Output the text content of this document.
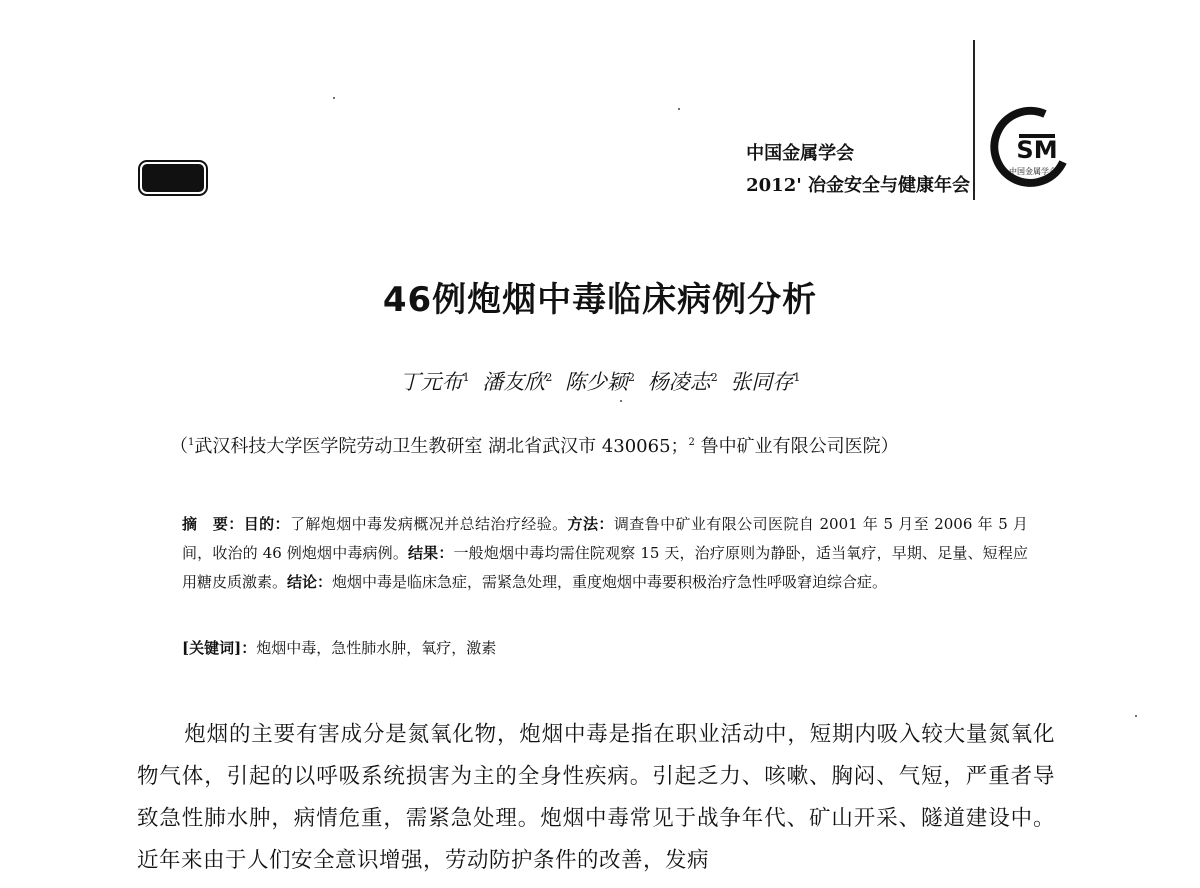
中国金属学会
2012' 冶金安全与健康年会
SM
中国金属学会
46例炮烟中毒临床病例分析
丁元布$^1$ 潘友欣$^2$ 陈少颖$^2$ 杨凌志$^2$ 张同存$^1$
（$^1$武汉科技大学医学院劳动卫生教研室 湖北省武汉市 430065；$^2$ 鲁中矿业有限公司医院）
摘　要：目的：了解炮烟中毒发病概况并总结治疗经验。方法：调查鲁中矿业有限公司医院自 2001 年 5 月至 2006 年 5 月间，收治的 46 例炮烟中毒病例。结果：一般炮烟中毒均需住院观察 15 天，治疗原则为静卧，适当氧疗，早期、足量、短程应用糖皮质激素。结论：炮烟中毒是临床急症，需紧急处理，重度炮烟中毒要积极治疗急性呼吸窘迫综合症。
[关键词]：炮烟中毒，急性肺水肿，氧疗，激素
炮烟的主要有害成分是氮氧化物，炮烟中毒是指在职业活动中，短期内吸入较大量氮氧化物气体，引起的以呼吸系统损害为主的全身性疾病。引起乏力、咳嗽、胸闷、气短，严重者导致急性肺水肿，病情危重，需紧急处理。炮烟中毒常见于战争年代、矿山开采、隧道建设中。近年来由于人们安全意识增强，劳动防护条件的改善，发病
